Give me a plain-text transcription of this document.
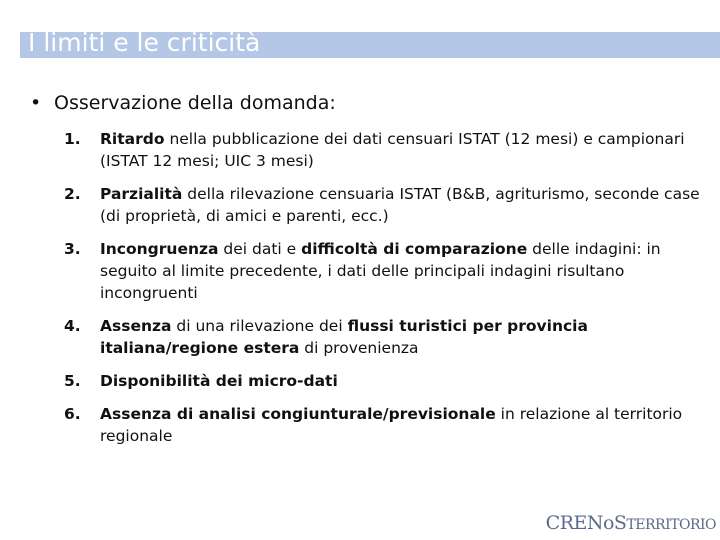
I limiti e le criticità
• Osservazione della domanda:
1.	Ritardo nella pubblicazione dei dati censuari ISTAT (12 mesi) e campionari (ISTAT 12 mesi; UIC 3 mesi)
2.	Parzialità della rilevazione censuaria ISTAT (B&B, agriturismo, seconde case (di proprietà, di amici e parenti, ecc.)
3.	Incongruenza dei dati e difficoltà di comparazione delle indagini: in seguito al limite precedente, i dati delle principali indagini risultano incongruenti
4.	Assenza di una rilevazione dei flussi turistici per provincia italiana/regione estera di provenienza
5.	Disponibilità dei micro-dati
6.	Assenza di analisi congiunturale/previsionale in relazione al territorio regionale
CRENoSTERRITORIO
